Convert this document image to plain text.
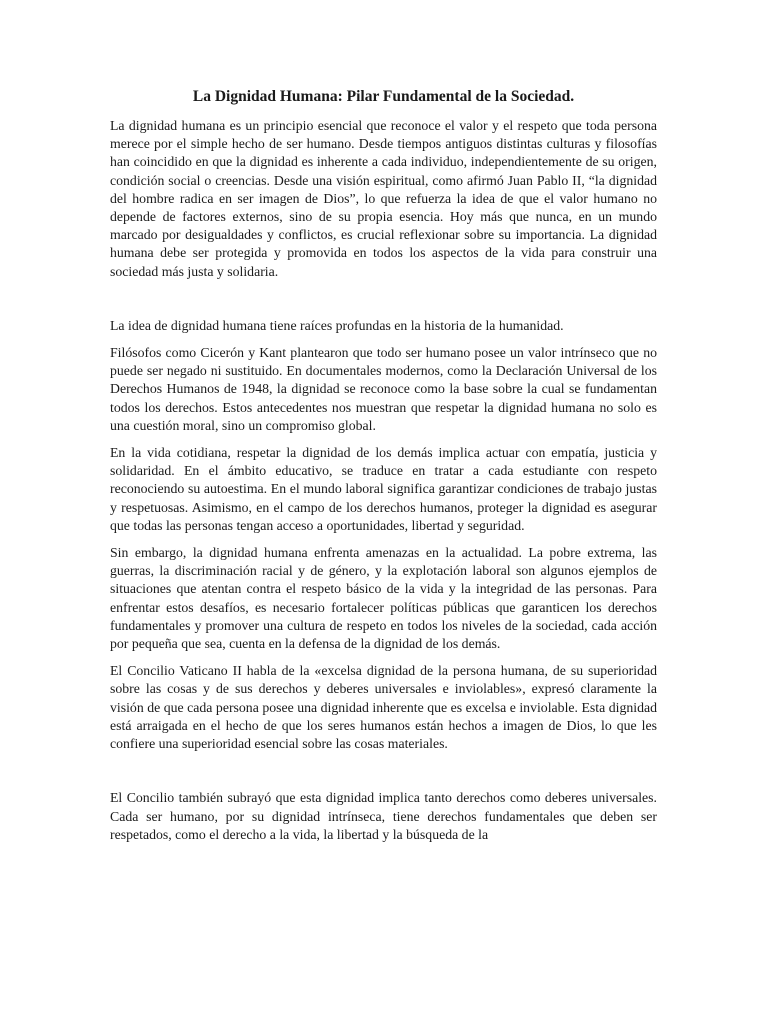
La Dignidad Humana: Pilar Fundamental de la Sociedad.

La dignidad humana es un principio esencial que reconoce el valor y el respeto que toda persona merece por el simple hecho de ser humano. Desde tiempos antiguos distintas culturas y filosofías han coincidido en que la dignidad es inherente a cada individuo, independientemente de su origen, condición social o creencias. Desde una visión espiritual, como afirmó Juan Pablo II, “la dignidad del hombre radica en ser imagen de Dios”, lo que refuerza la idea de que el valor humano no depende de factores externos, sino de su propia esencia. Hoy más que nunca, en un mundo marcado por desigualdades y conflictos, es crucial reflexionar sobre su importancia. La dignidad humana debe ser protegida y promovida en todos los aspectos de la vida para construir una sociedad más justa y solidaria.

La idea de dignidad humana tiene raíces profundas en la historia de la humanidad.

Filósofos como Cicerón y Kant plantearon que todo ser humano posee un valor intrínseco que no puede ser negado ni sustituido. En documentales modernos, como la Declaración Universal de los Derechos Humanos de 1948, la dignidad se reconoce como la base sobre la cual se fundamentan todos los derechos. Estos antecedentes nos muestran que respetar la dignidad humana no solo es una cuestión moral, sino un compromiso global.

En la vida cotidiana, respetar la dignidad de los demás implica actuar con empatía, justicia y solidaridad. En el ámbito educativo, se traduce en tratar a cada estudiante con respeto reconociendo su autoestima. En el mundo laboral significa garantizar condiciones de trabajo justas y respetuosas. Asimismo, en el campo de los derechos humanos, proteger la dignidad es asegurar que todas las personas tengan acceso a oportunidades, libertad y seguridad.

Sin embargo, la dignidad humana enfrenta amenazas en la actualidad. La pobre extrema, las guerras, la discriminación racial y de género, y la explotación laboral son algunos ejemplos de situaciones que atentan contra el respeto básico de la vida y la integridad de las personas. Para enfrentar estos desafíos, es necesario fortalecer políticas públicas que garanticen los derechos fundamentales y promover una cultura de respeto en todos los niveles de la sociedad, cada acción por pequeña que sea, cuenta en la defensa de la dignidad de los demás.

El Concilio Vaticano II habla de la «excelsa dignidad de la persona humana, de su superioridad sobre las cosas y de sus derechos y deberes universales e inviolables», expresó claramente la visión de que cada persona posee una dignidad inherente que es excelsa e inviolable. Esta dignidad está arraigada en el hecho de que los seres humanos están hechos a imagen de Dios, lo que les confiere una superioridad esencial sobre las cosas materiales.

El Concilio también subrayó que esta dignidad implica tanto derechos como deberes universales. Cada ser humano, por su dignidad intrínseca, tiene derechos fundamentales que deben ser respetados, como el derecho a la vida, la libertad y la búsqueda de la
